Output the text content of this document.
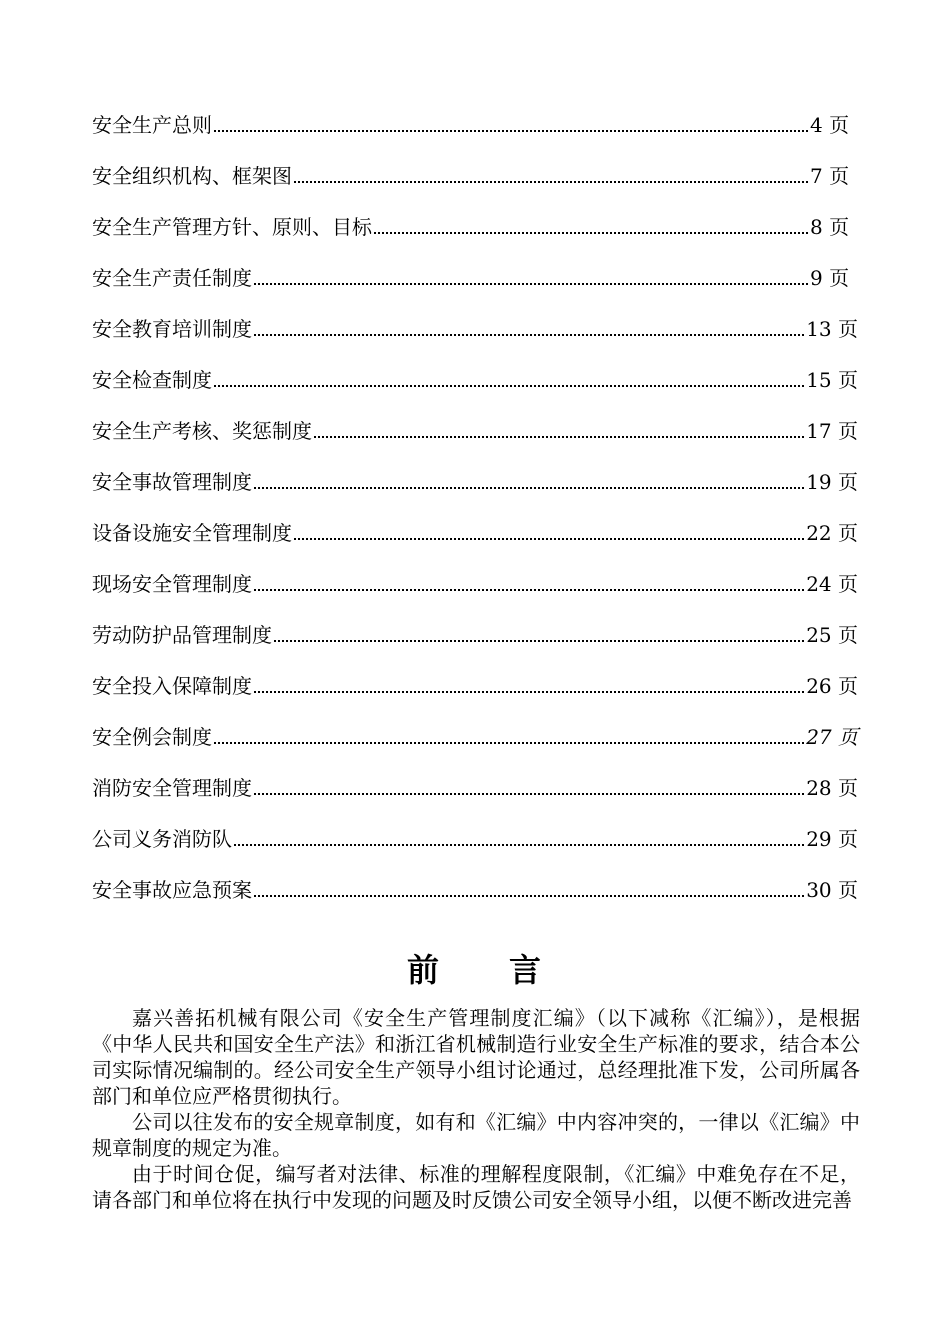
安全生产总则	4 页
安全组织机构、框架图	7 页
安全生产管理方针、原则、目标	8 页
安全生产责任制度	9 页
安全教育培训制度	13 页
安全检查制度	15 页
安全生产考核、奖惩制度	17 页
安全事故管理制度	19 页
设备设施安全管理制度	22 页
现场安全管理制度	24 页
劳动防护品管理制度	25 页
安全投入保障制度	26 页
安全例会制度	27 页
消防安全管理制度	28 页
公司义务消防队	29 页
安全事故应急预案	30 页
前 言

嘉兴善拓机械有限公司《安全生产管理制度汇编》（以下减称《汇编》），是根据《中华人民共和国安全生产法》和浙江省机械制造行业安全生产标准的要求，结合本公司实际情况编制的。经公司安全生产领导小组讨论通过，总经理批准下发，公司所属各部门和单位应严格贯彻执行。

公司以往发布的安全规章制度，如有和《汇编》中内容冲突的，一律以《汇编》中规章制度的规定为准。

由于时间仓促，编写者对法律、标准的理解程度限制，《汇编》中难免存在不足，请各部门和单位将在执行中发现的问题及时反馈公司安全领导小组，以便不断改进完善
